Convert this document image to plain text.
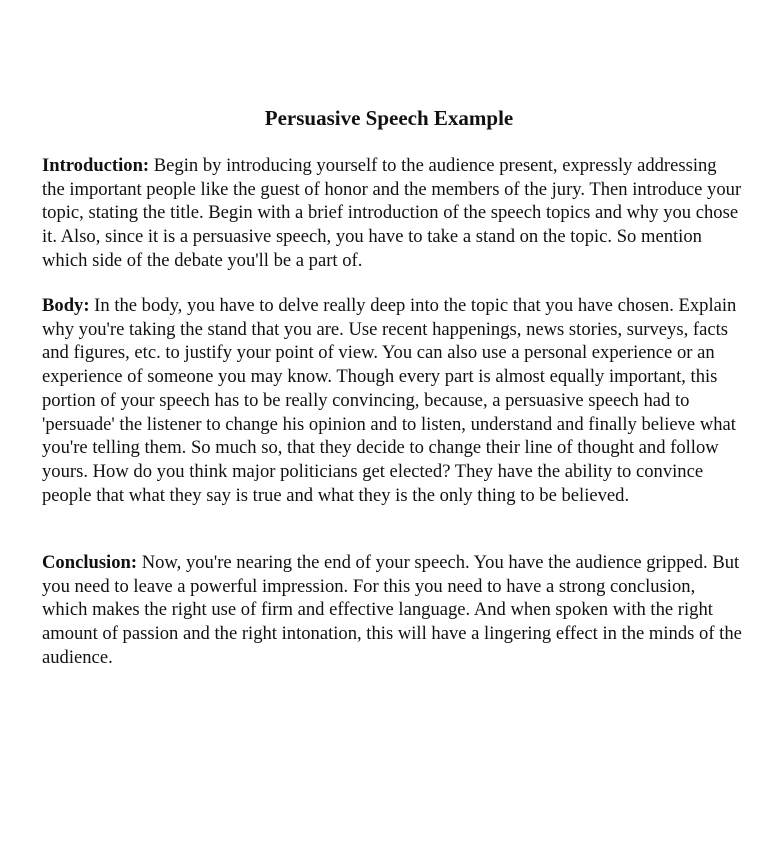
Persuasive Speech Example

Introduction: Begin by introducing yourself to the audience present, expressly addressing the important people like the guest of honor and the members of the jury. Then introduce your topic, stating the title. Begin with a brief introduction of the speech topics and why you chose it. Also, since it is a persuasive speech, you have to take a stand on the topic. So mention which side of the debate you'll be a part of.

Body: In the body, you have to delve really deep into the topic that you have chosen. Explain why you're taking the stand that you are. Use recent happenings, news stories, surveys, facts and figures, etc. to justify your point of view. You can also use a personal experience or an experience of someone you may know. Though every part is almost equally important, this portion of your speech has to be really convincing, because, a persuasive speech had to 'persuade' the listener to change his opinion and to listen, understand and finally believe what you're telling them. So much so, that they decide to change their line of thought and follow yours. How do you think major politicians get elected? They have the ability to convince people that what they say is true and what they is the only thing to be believed.

Conclusion: Now, you're nearing the end of your speech. You have the audience gripped. But you need to leave a powerful impression. For this you need to have a strong conclusion, which makes the right use of firm and effective language. And when spoken with the right amount of passion and the right intonation, this will have a lingering effect in the minds of the audience.
